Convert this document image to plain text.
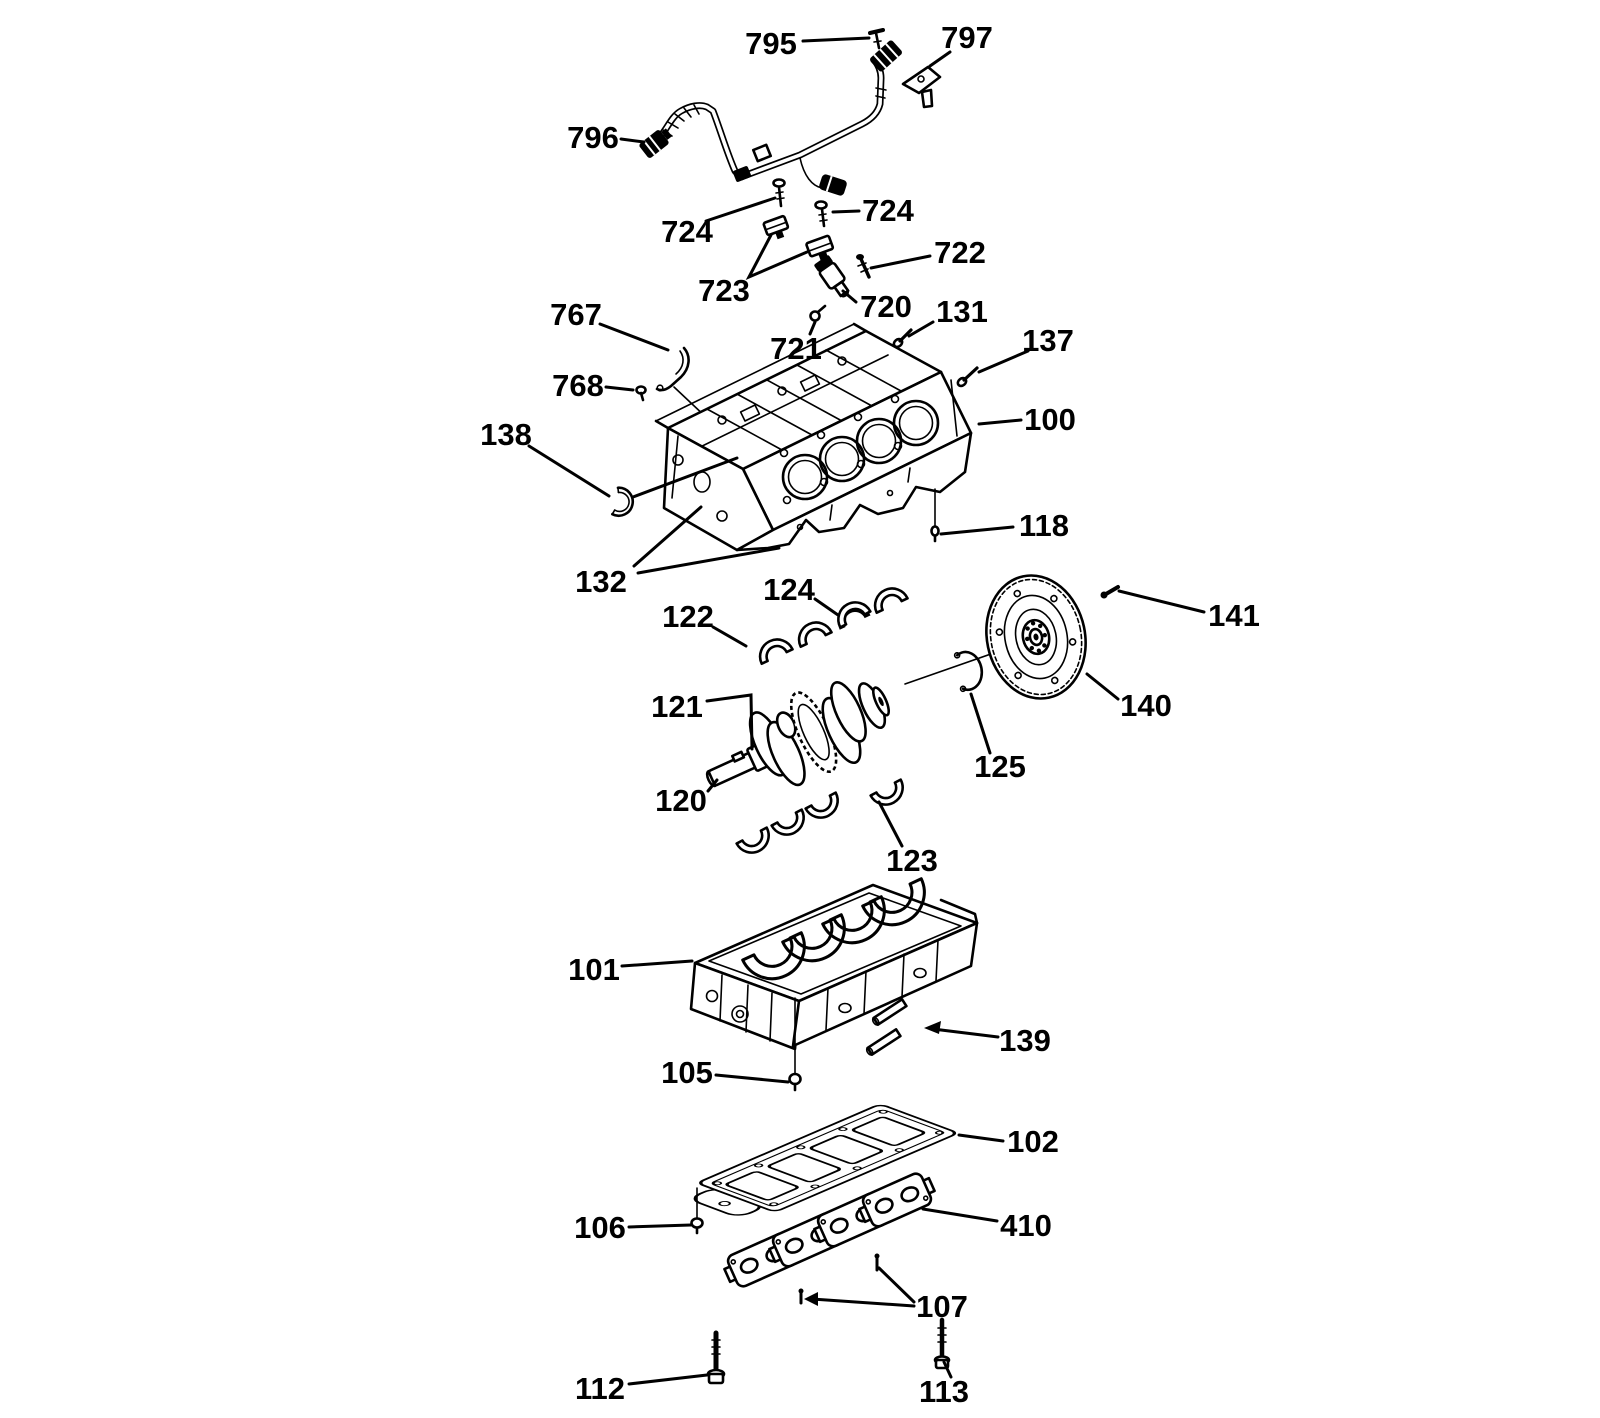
795	797
796
724
724
723
722
720
721
767
768
131
137
100
138
118
132
122
124
121
120
125
140
141
123
101
139
105
102
106	410
107
112	113
